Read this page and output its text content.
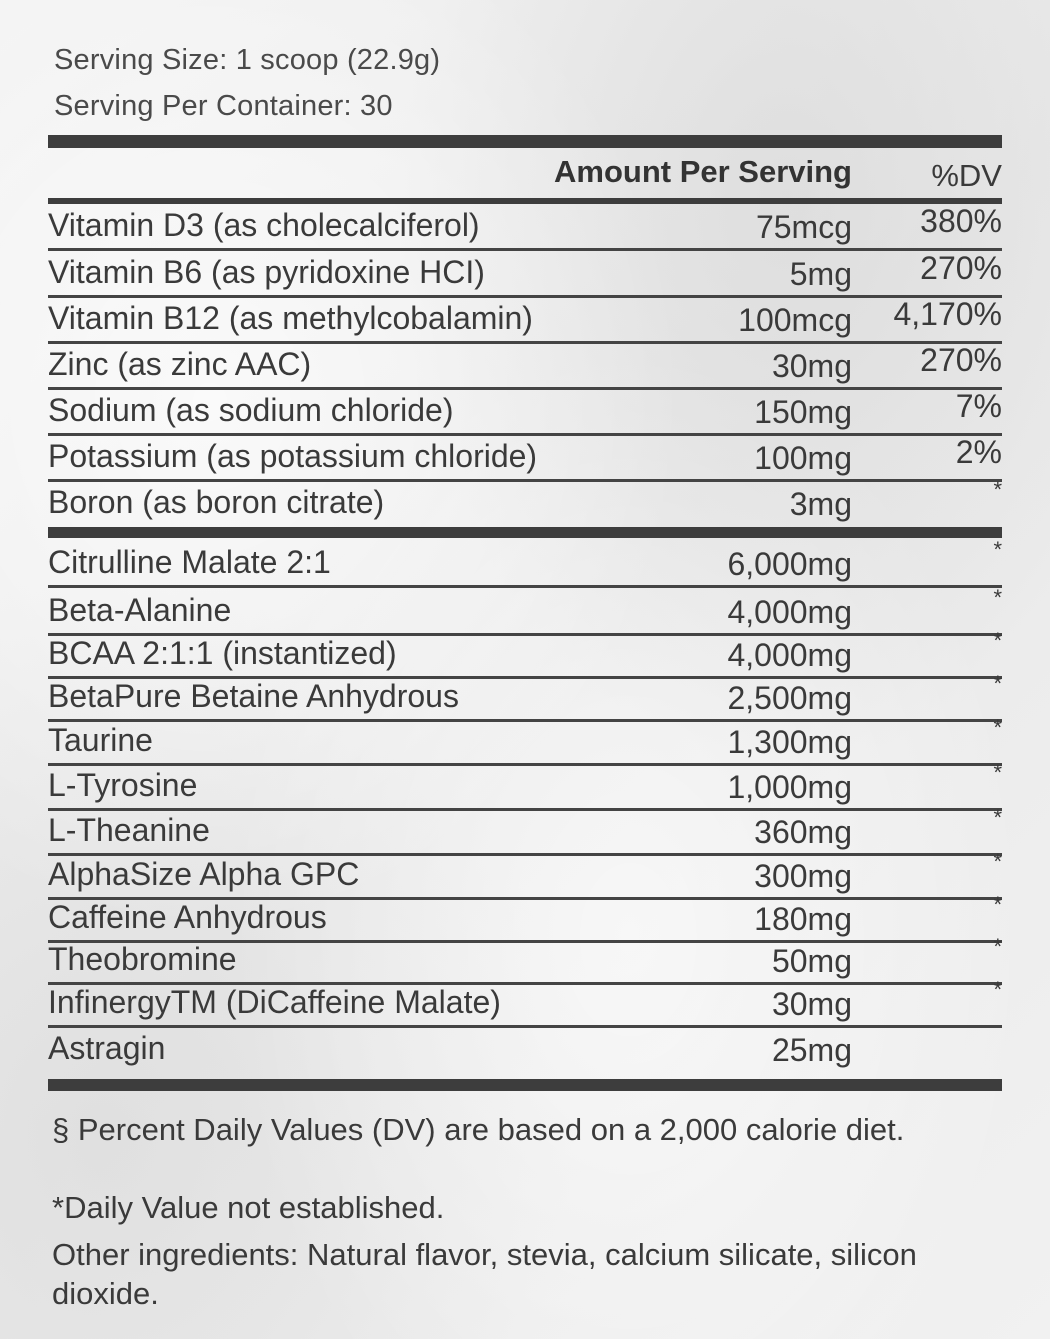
Serving Size: 1 scoop (22.9g)
Serving Per Container: 30
Amount Per Serving	%DV
Vitamin D3 (as cholecalciferol)	75mcg 380%
Vitamin B6 (as pyridoxine HCI)	5mg 270%
Vitamin B12 (as methylcobalamin)	100mcg 4,170%
Zinc (as zinc AAC)	30mg 270%
Sodium (as sodium chloride)	150mg	7%
Potassium (as potassium chloride)	100mg	2%
Boron (as boron citrate)	3mg	*
Citrulline Malate 2:1	6,000mg	*
Beta-Alanine	4,000mg	*
BCAA 2:1:1 (instantized)	4,000mg	*
BetaPure Betaine Anhydrous	2,500mg	*
Taurine	1,300mg	*
L-Tyrosine	1,000mg	*
L-Theanine	360mg	*
AlphaSize Alpha GPC	300mg	*
Caffeine Anhydrous	180mg	*
Theobromine	50mg	*
InfinergyTM (DiCaffeine Malate)	30mg	*
Astragin	25mg
§ Percent Daily Values (DV) are based on a 2,000 calorie diet.
*Daily Value not established.
Other ingredients: Natural flavor, stevia, calcium silicate, silicon dioxide.
